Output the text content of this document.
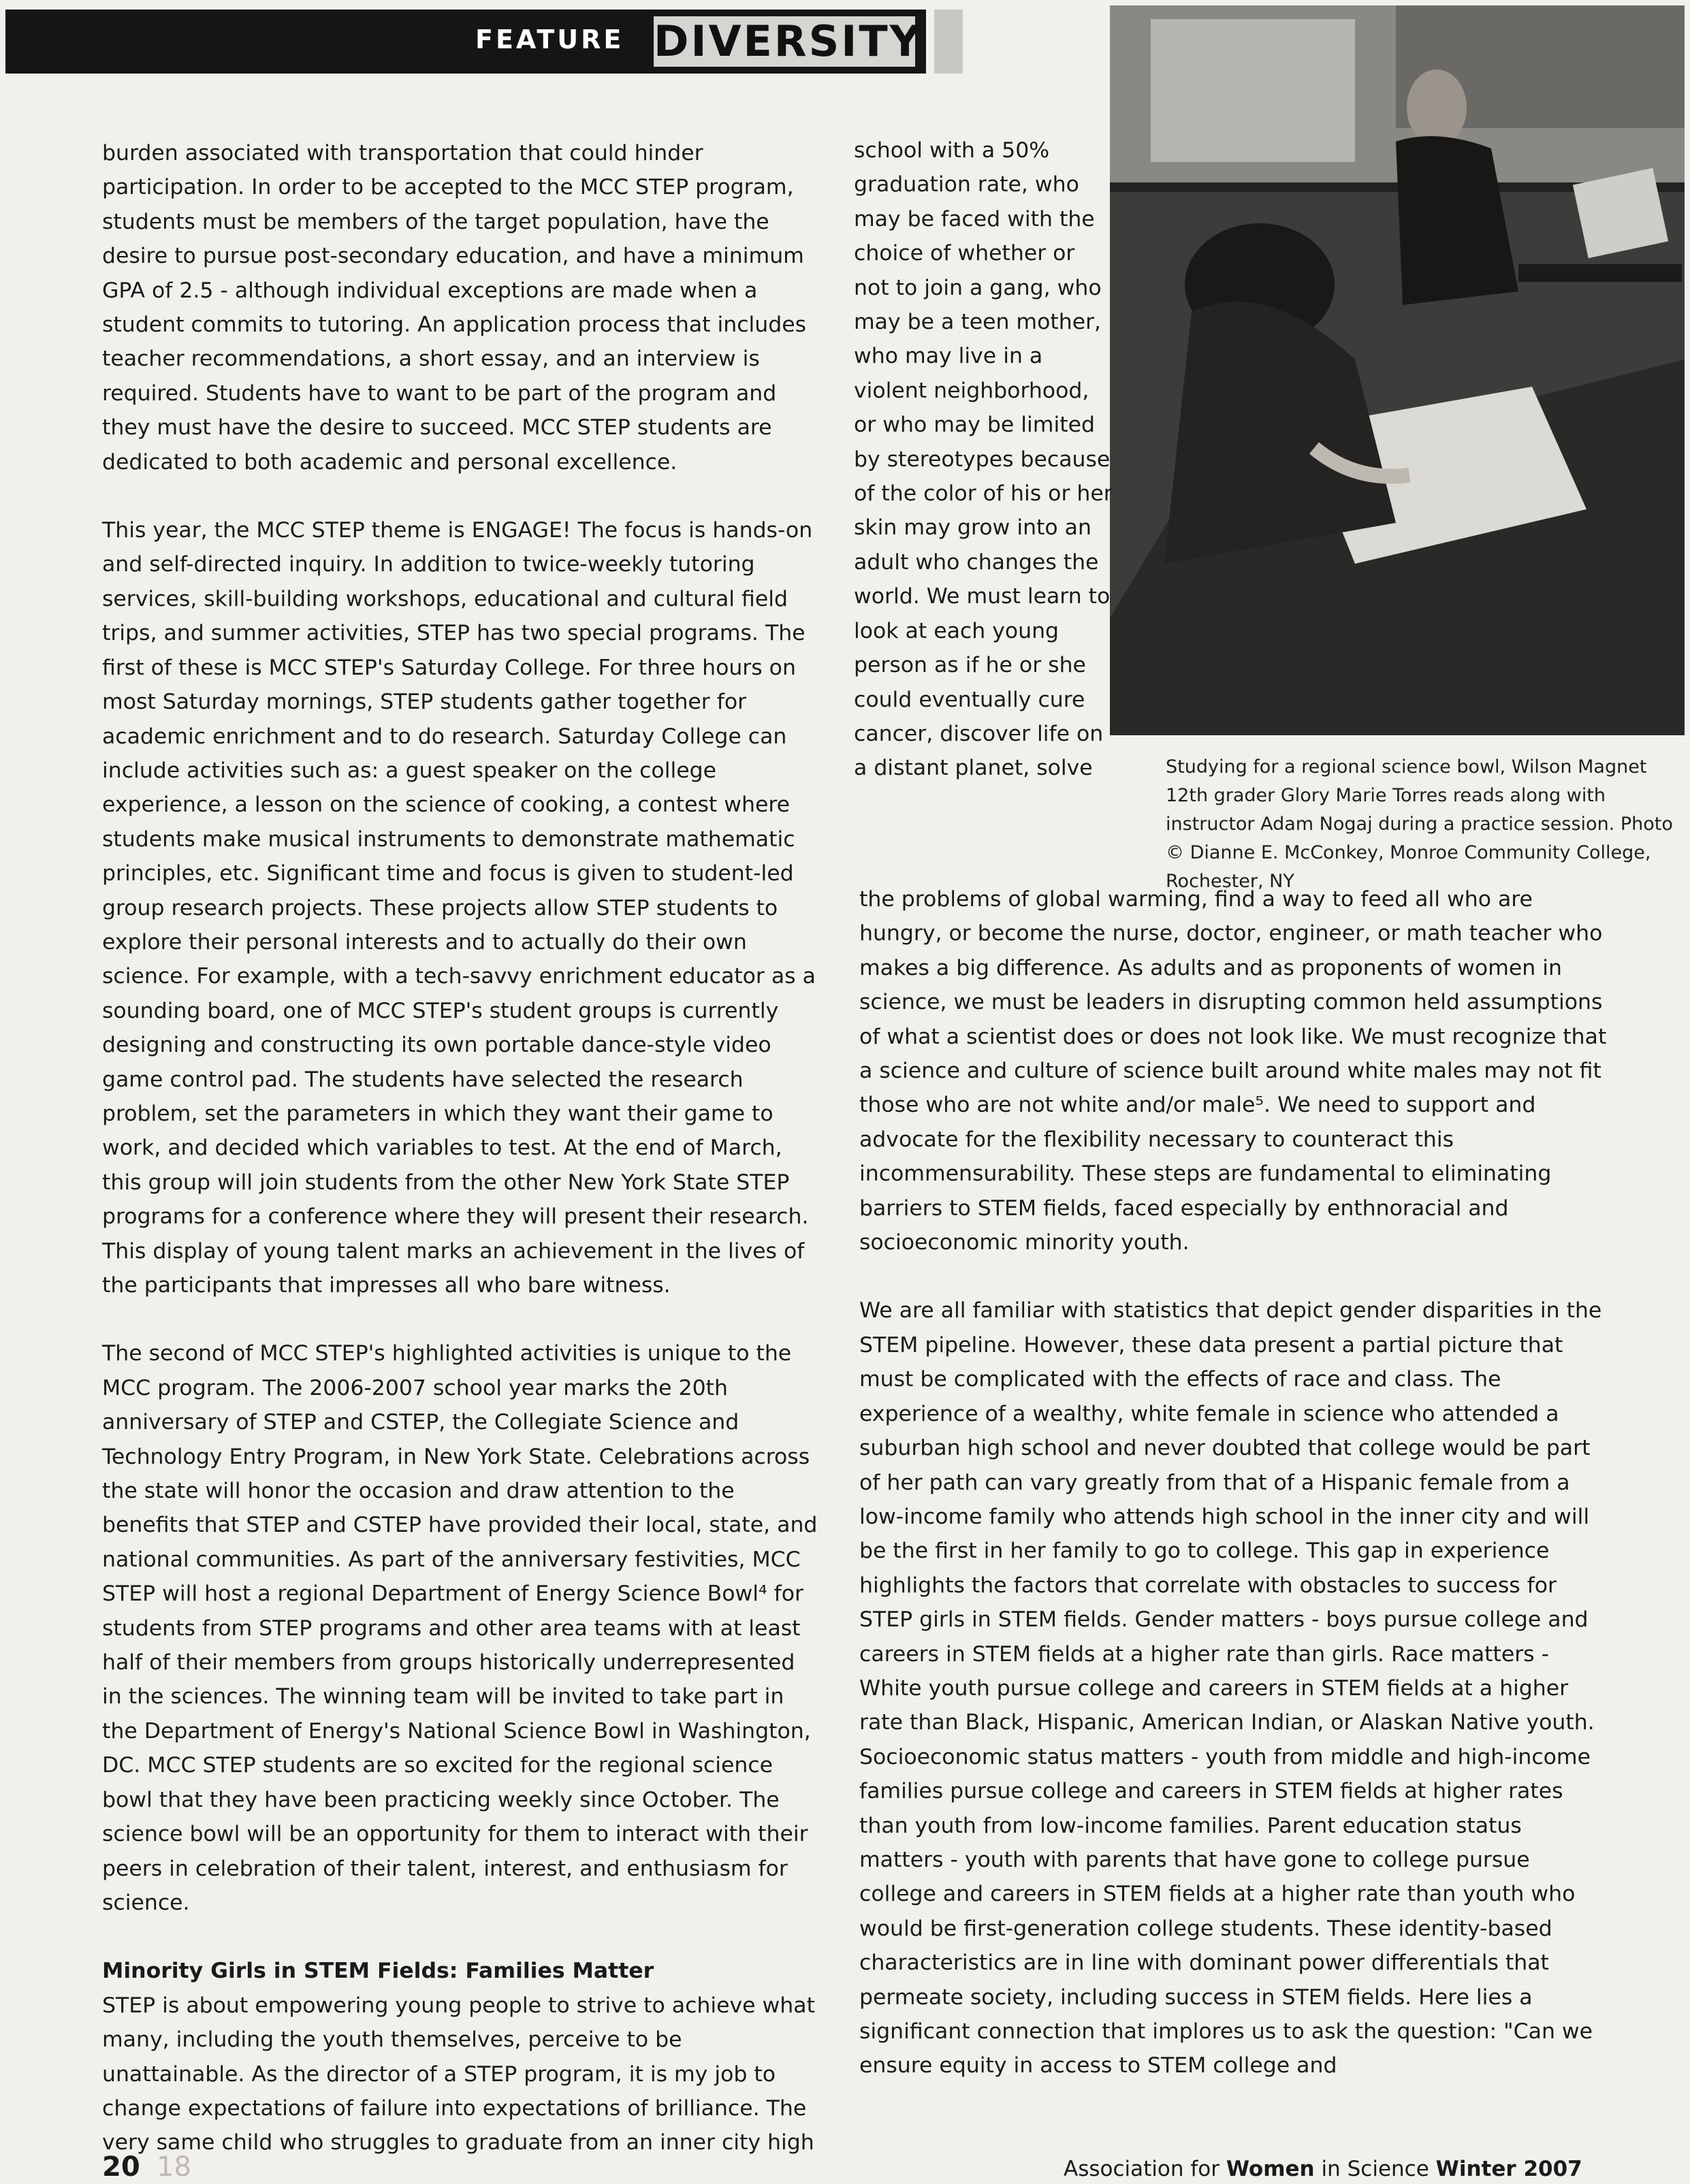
FEATURE DIVERSITY
Studying for a regional science bowl, Wilson Magnet 12th grader Glory Marie Torres reads along with instructor Adam Nogaj during a practice session. Photo © Dianne E. McConkey, Monroe Community College, Rochester, NY

burden associated with transportation that could hinder participation. In order to be accepted to the MCC STEP program, students must be members of the target population, have the desire to pursue post-secondary education, and have a minimum GPA of 2.5 - although individual exceptions are made when a student commits to tutoring. An application process that includes teacher recommendations, a short essay, and an interview is required. Students have to want to be part of the program and they must have the desire to succeed. MCC STEP students are dedicated to both academic and personal excellence.

This year, the MCC STEP theme is ENGAGE! The focus is hands-on and self-directed inquiry. In addition to twice-weekly tutoring services, skill-building workshops, educational and cultural field trips, and summer activities, STEP has two special programs. The first of these is MCC STEP's Saturday College. For three hours on most Saturday mornings, STEP students gather together for academic enrichment and to do research. Saturday College can include activities such as: a guest speaker on the college experience, a lesson on the science of cooking, a contest where students make musical instruments to demonstrate mathematic principles, etc. Significant time and focus is given to student-led group research projects. These projects allow STEP students to explore their personal interests and to actually do their own science. For example, with a tech-savvy enrichment educator as a sounding board, one of MCC STEP's student groups is currently designing and constructing its own portable dance-style video game control pad. The students have selected the research problem, set the parameters in which they want their game to work, and decided which variables to test. At the end of March, this group will join students from the other New York State STEP programs for a conference where they will present their research. This display of young talent marks an achievement in the lives of the participants that impresses all who bare witness.

The second of MCC STEP's highlighted activities is unique to the MCC program. The 2006-2007 school year marks the 20th anniversary of STEP and CSTEP, the Collegiate Science and Technology Entry Program, in New York State. Celebrations across the state will honor the occasion and draw attention to the benefits that STEP and CSTEP have provided their local, state, and national communities. As part of the anniversary festivities, MCC STEP will host a regional Department of Energy Science Bowl⁴ for students from STEP programs and other area teams with at least half of their members from groups historically underrepresented in the sciences. The winning team will be invited to take part in the Department of Energy's National Science Bowl in Washington, DC. MCC STEP students are so excited for the regional science bowl that they have been practicing weekly since October. The science bowl will be an opportunity for them to interact with their peers in celebration of their talent, interest, and enthusiasm for science.

Minority Girls in STEM Fields: Families Matter

STEP is about empowering young people to strive to achieve what many, including the youth themselves, perceive to be unattainable. As the director of a STEP program, it is my job to change expectations of failure into expectations of brilliance. The very same child who struggles to graduate from an inner city high

school with a 50% graduation rate, who may be faced with the choice of whether or not to join a gang, who may be a teen mother, who may live in a violent neighborhood, or who may be limited by stereotypes because of the color of his or her skin may grow into an adult who changes the world. We must learn to look at each young person as if he or she could eventually cure cancer, discover life on a distant planet, solve

the problems of global warming, find a way to feed all who are hungry, or become the nurse, doctor, engineer, or math teacher who makes a big difference. As adults and as proponents of women in science, we must be leaders in disrupting common held assumptions of what a scientist does or does not look like. We must recognize that a science and culture of science built around white males may not fit those who are not white and/or male⁵. We need to support and advocate for the flexibility necessary to counteract this incommensurability. These steps are fundamental to eliminating barriers to STEM fields, faced especially by enthnoracial and socioeconomic minority youth.

We are all familiar with statistics that depict gender disparities in the STEM pipeline. However, these data present a partial picture that must be complicated with the effects of race and class. The experience of a wealthy, white female in science who attended a suburban high school and never doubted that college would be part of her path can vary greatly from that of a Hispanic female from a low-income family who attends high school in the inner city and will be the first in her family to go to college. This gap in experience highlights the factors that correlate with obstacles to success for STEP girls in STEM fields. Gender matters - boys pursue college and careers in STEM fields at a higher rate than girls. Race matters - White youth pursue college and careers in STEM fields at a higher rate than Black, Hispanic, American Indian, or Alaskan Native youth. Socioeconomic status matters - youth from middle and high-income families pursue college and careers in STEM fields at higher rates than youth from low-income families. Parent education status matters - youth with parents that have gone to college pursue college and careers in STEM fields at a higher rate than youth who would be first-generation college students. These identity-based characteristics are in line with dominant power differentials that permeate society, including success in STEM fields. Here lies a significant connection that implores us to ask the question: "Can we ensure equity in access to STEM college and

20 18	Association for Women in Science Winter 2007
